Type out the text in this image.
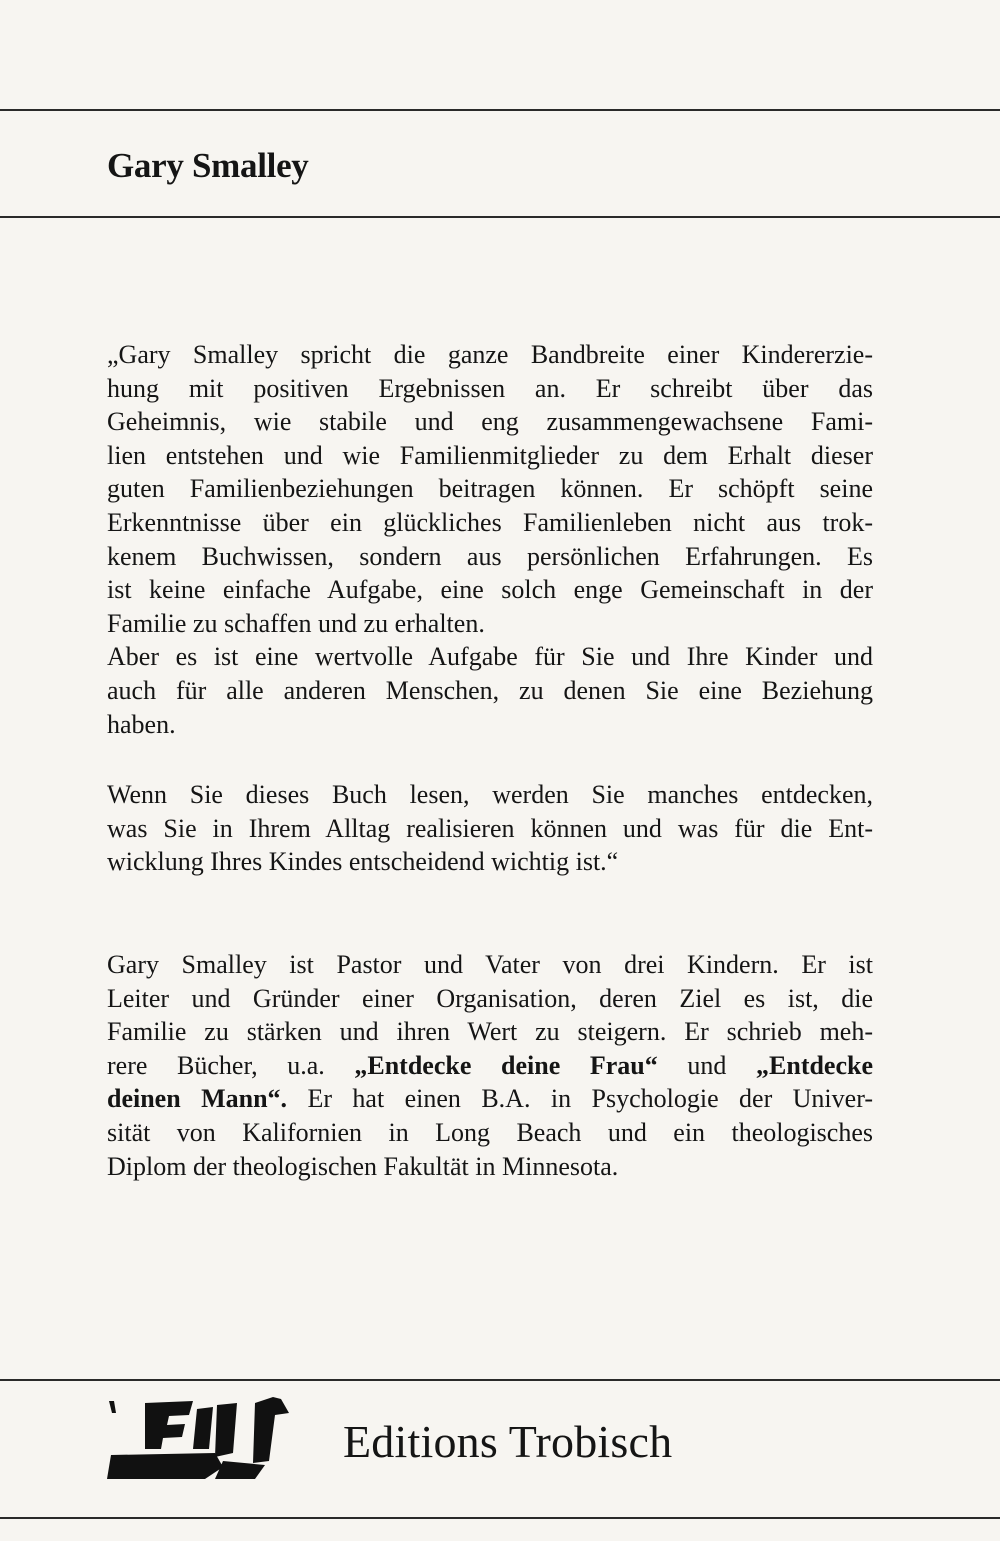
Gary Smalley
„Gary Smalley spricht die ganze Bandbreite einer Kindererzie-
hung mit positiven Ergebnissen an. Er schreibt über das
Geheimnis, wie stabile und eng zusammengewachsene Fami-
lien entstehen und wie Familienmitglieder zu dem Erhalt dieser
guten Familienbeziehungen beitragen können. Er schöpft seine
Erkenntnisse über ein glückliches Familienleben nicht aus trok-
kenem Buchwissen, sondern aus persönlichen Erfahrungen. Es
ist keine einfache Aufgabe, eine solch enge Gemeinschaft in der
Familie zu schaffen und zu erhalten.
Aber es ist eine wertvolle Aufgabe für Sie und Ihre Kinder und
auch für alle anderen Menschen, zu denen Sie eine Beziehung
haben.
Wenn Sie dieses Buch lesen, werden Sie manches entdecken,
was Sie in Ihrem Alltag realisieren können und was für die Ent-
wicklung Ihres Kindes entscheidend wichtig ist.“
Gary Smalley ist Pastor und Vater von drei Kindern. Er ist
Leiter und Gründer einer Organisation, deren Ziel es ist, die
Familie zu stärken und ihren Wert zu steigern. Er schrieb meh-
rere Bücher, u.a. „Entdecke deine Frau“ und „Entdecke
deinen Mann“. Er hat einen B.A. in Psychologie der Univer-
sität von Kalifornien in Long Beach und ein theologisches
Diplom der theologischen Fakultät in Minnesota.
Editions Trobisch
